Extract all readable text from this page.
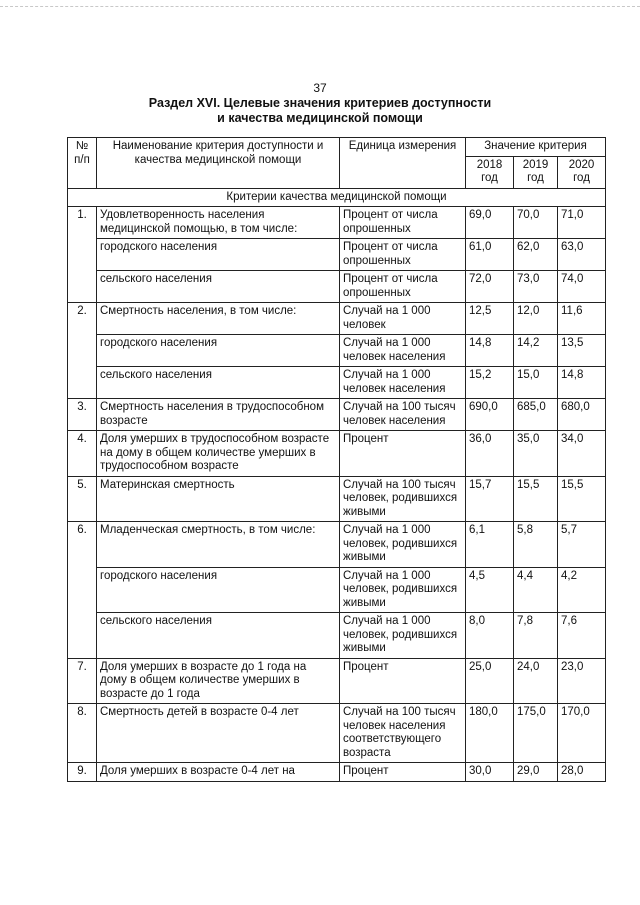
37
Раздел XVI. Целевые значения критериев доступности
и качества медицинской помощи
№ п/п	Наименование критерия доступности и качества медицинской помощи	Единица измерения	Значение критерия		
			2018 год	2019 год	2020 год
Критерии качества медицинской помощи					
1.	Удовлетворенность населения медицинской помощью, в том числе:	Процент от числа опрошенных	69,0	70,0	71,0
	городского населения	Процент от числа опрошенных	61,0	62,0	63,0
	сельского населения	Процент от числа опрошенных	72,0	73,0	74,0
2.	Смертность населения, в том числе:	Случай на 1 000 человек	12,5	12,0	11,6
	городского населения	Случай на 1 000 человек населения	14,8	14,2	13,5
	сельского населения	Случай на 1 000 человек населения	15,2	15,0	14,8
3.	Смертность населения в трудоспособном возрасте	Случай на 100 тысяч человек населения	690,0	685,0	680,0
4.	Доля умерших в трудоспособном возрасте на дому в общем количестве умерших в трудоспособном возрасте	Процент	36,0	35,0	34,0
5.	Материнская смертность	Случай на 100 тысяч человек, родившихся живыми	15,7	15,5	15,5
6.	Младенческая смертность, в том числе:	Случай на 1 000 человек, родившихся живыми	6,1	5,8	5,7
	городского населения	Случай на 1 000 человек, родившихся живыми	4,5	4,4	4,2
	сельского населения	Случай на 1 000 человек, родившихся живыми	8,0	7,8	7,6
7.	Доля умерших в возрасте до 1 года на дому в общем количестве умерших в возрасте до 1 года	Процент	25,0	24,0	23,0
8.	Смертность детей в возрасте 0-4 лет	Случай на 100 тысяч человек населения соответствующего возраста	180,0	175,0	170,0
9.	Доля умерших в возрасте 0-4 лет на	Процент	30,0	29,0	28,0
